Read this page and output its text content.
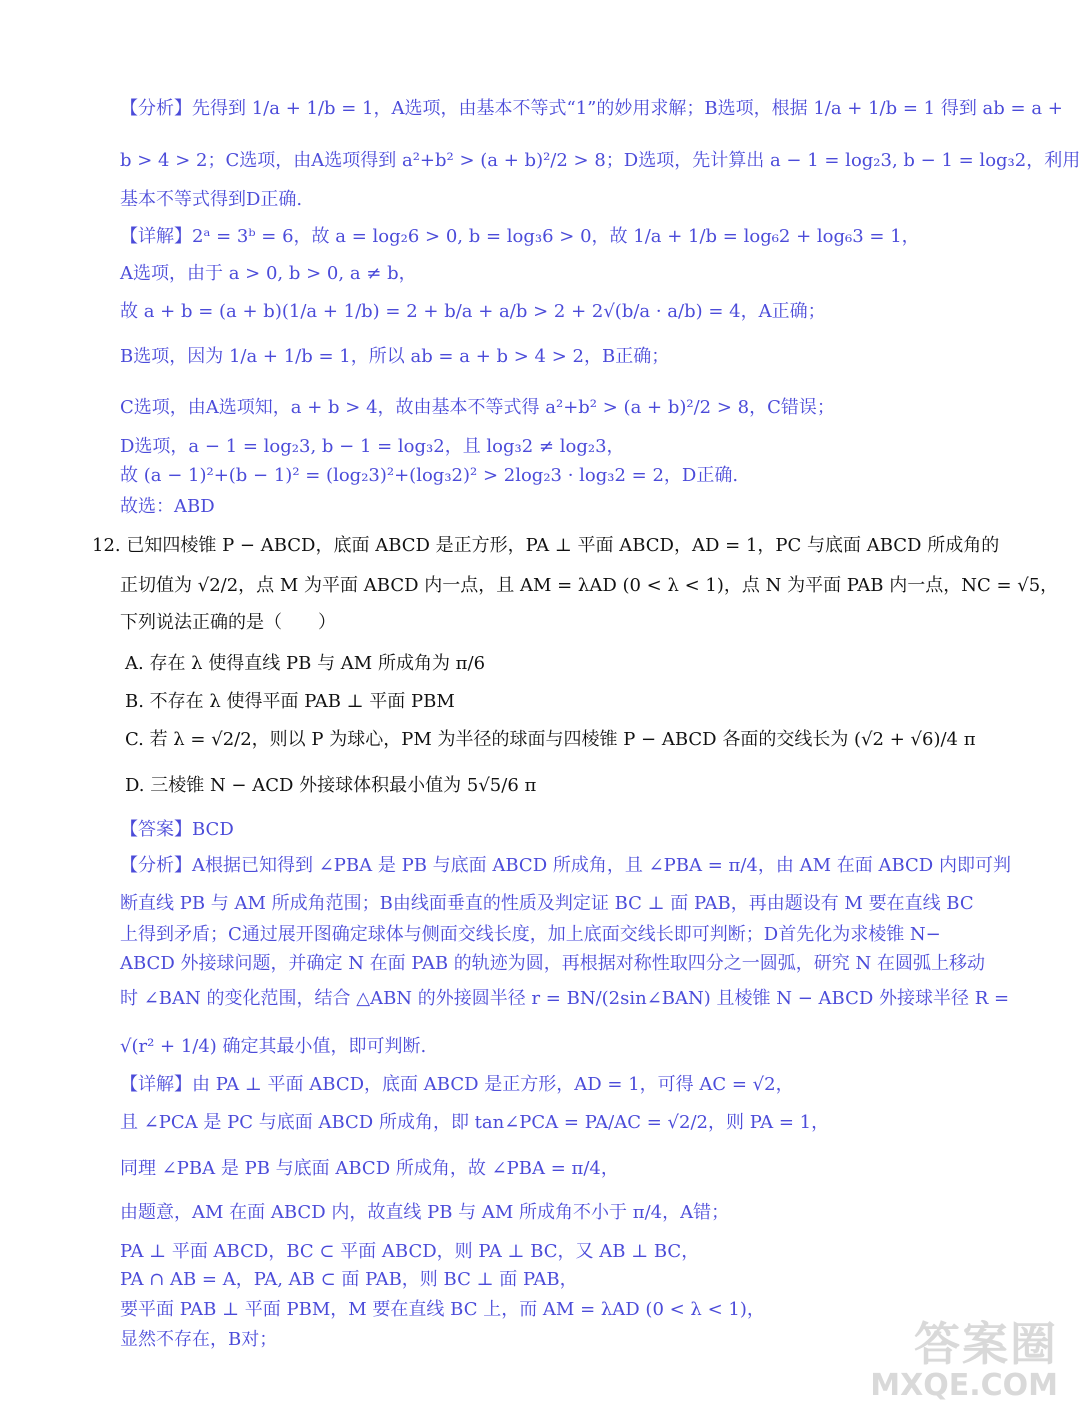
【分析】先得到 1/a + 1/b = 1，A选项，由基本不等式“1”的妙用求解；B选项，根据 1/a + 1/b = 1 得到 ab = a +
b > 4 > 2；C选项，由A选项得到 a²+b² > (a + b)²/2 > 8；D选项，先计算出 a − 1 = log₂3, b − 1 = log₃2，利用
基本不等式得到D正确.
【详解】2ᵃ = 3ᵇ = 6，故 a = log₂6 > 0, b = log₃6 > 0，故 1/a + 1/b = log₆2 + log₆3 = 1，
A选项，由于 a > 0, b > 0, a ≠ b，
故 a + b = (a + b)(1/a + 1/b) = 2 + b/a + a/b > 2 + 2√(b/a · a/b) = 4，A正确；
B选项，因为 1/a + 1/b = 1，所以 ab = a + b > 4 > 2，B正确；
C选项，由A选项知，a + b > 4，故由基本不等式得 a²+b² > (a + b)²/2 > 8，C错误；
D选项，a − 1 = log₂3, b − 1 = log₃2，且 log₃2 ≠ log₂3，
故 (a − 1)²+(b − 1)² = (log₂3)²+(log₃2)² > 2log₂3 · log₃2 = 2，D正确.
故选：ABD
12. 已知四棱锥 P − ABCD，底面 ABCD 是正方形，PA ⊥ 平面 ABCD，AD = 1，PC 与底面 ABCD 所成角的
正切值为 √2/2，点 M 为平面 ABCD 内一点，且 AM = λAD (0 < λ < 1)，点 N 为平面 PAB 内一点，NC = √5，
下列说法正确的是（　　）
A. 存在 λ 使得直线 PB 与 AM 所成角为 π/6
B. 不存在 λ 使得平面 PAB ⊥ 平面 PBM
C. 若 λ = √2/2，则以 P 为球心，PM 为半径的球面与四棱锥 P − ABCD 各面的交线长为 (√2 + √6)/4 π
D. 三棱锥 N − ACD 外接球体积最小值为 5√5/6 π
【答案】BCD
【分析】A根据已知得到 ∠PBA 是 PB 与底面 ABCD 所成角，且 ∠PBA = π/4，由 AM 在面 ABCD 内即可判
断直线 PB 与 AM 所成角范围；B由线面垂直的性质及判定证 BC ⊥ 面 PAB，再由题设有 M 要在直线 BC
上得到矛盾；C通过展开图确定球体与侧面交线长度，加上底面交线长即可判断；D首先化为求棱锥 N−
ABCD 外接球问题，并确定 N 在面 PAB 的轨迹为圆，再根据对称性取四分之一圆弧，研究 N 在圆弧上移动
时 ∠BAN 的变化范围，结合 △ABN 的外接圆半径 r = BN/(2sin∠BAN) 且棱锥 N − ABCD 外接球半径 R =
√(r² + 1/4) 确定其最小值，即可判断.
【详解】由 PA ⊥ 平面 ABCD，底面 ABCD 是正方形，AD = 1，可得 AC = √2，
且 ∠PCA 是 PC 与底面 ABCD 所成角，即 tan∠PCA = PA/AC = √2/2，则 PA = 1，
同理 ∠PBA 是 PB 与底面 ABCD 所成角，故 ∠PBA = π/4，
由题意，AM 在面 ABCD 内，故直线 PB 与 AM 所成角不小于 π/4，A错；
PA ⊥ 平面 ABCD，BC ⊂ 平面 ABCD，则 PA ⊥ BC，又 AB ⊥ BC，
PA ∩ AB = A，PA, AB ⊂ 面 PAB，则 BC ⊥ 面 PAB，
要平面 PAB ⊥ 平面 PBM，M 要在直线 BC 上，而 AM = λAD (0 < λ < 1)，
显然不存在，B对；	答案圈
MXQE.COM
